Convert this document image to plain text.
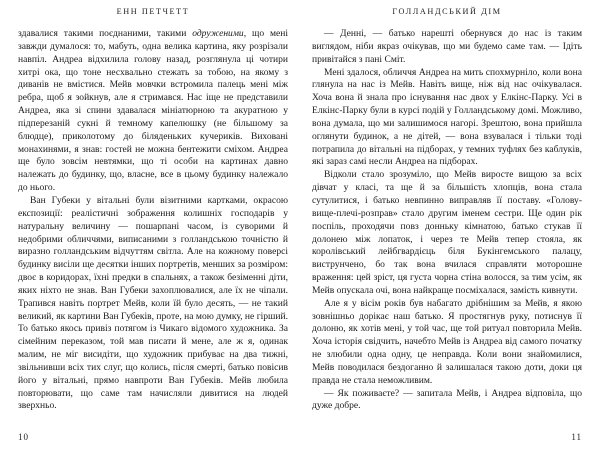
ЕНН ПЕТЧЕТТ

здавалися такими поєднаними, такими одруженими, що мені завжди думалося: то, мабуть, одна велика картина, яку розрізали навпіл. Андреа відхилила голову назад, розглянула ці чотири хитрі ока, що тоне несхвально стежать за тобою, на якому з диванів не вмістися. Мейв мовчки встромила палець мені між ребра, щоб я зойкнув, але я стримався. Нас іще не представили Андреа, яка зі спини здавалася мініатюрною та акуратною у підперезаній сукні й темному капелюшку (не більшому за блюдце), приколотому до біляденьких кучериків. Виховані монахинями, я знав: гостей не можна бентежити сміхом. Андреа ще було зовсім невтямки, що ті особи на картинах давно належать до будинку, що, власне, все в цьому будинку належало до нього.

Ван Губеки у вітальні були візитними картками, окрасою експозиції: реалістичні зображення колишніх господарів у натуральну величину — пошарпані часом, із суворими й недобрими обличчями, виписаними з голландською точністю й виразно голландським відчуттям світла. Але на кожному поверсі будинку висіли ще десятки інших портретів, менших за розміром: двоє в коридорах, їхні предки в спальнях, а також безіменні діти, яких ніхто не знав. Ван Губеки захоплювалися, але їх не чіпали. Трапився навіть портрет Мейв, коли їй було десять, — не такий великий, як картини Ван Губеків, проте, на мою думку, не гірший. То батько якось привіз потягом із Чикаго відомого художника. За сімейним переказом, той мав писати й мене, але ж я, одинак малим, не міг висидіти, що художник прибуває на два тижні, звільнивши всіх тих слуг, що колись, після смерті, батько повісив його у вітальні, прямо навпроти Ван Губеків. Мейв любила повторювати, що саме там начисляли дивитися на людей зверхньо.

10
ГОЛЛАНДСЬКИЙ ДІМ

— Денні, — батько нарешті обернувся до нас із таким виглядом, ніби якраз очікував, що ми будемо саме там. — Ідіть привітайся з пані Сміт.

Мені здалося, обличчя Андреа на мить спохмурніло, коли вона глянула на нас із Мейв. Навіть вище, ніж від нас очікувалася. Хоча вона й знала про існування нас двох у Елкінс-Парку. Усі в Елкінс-Парку були в курсі подій у Голландському домі. Можливо, вона думала, що ми залишимося нагорі. Зрештою, вона прийшла оглянути будинок, а не дітей, — вона взувалася і тільки тоді потрапила до вітальні на підборах, у темних туфлях без каблуків, які зараз самі несли Андреа на підборах.

Відколи стало зрозуміло, що Мейв виросте вищою за всіх дівчат у класі, та ще й за більшість хлопців, вона стала сутулитися, і батько невпинно виправляв її поставу. «Голову-вище-плечі-розправ» стало другим іменем сестри. Ще один рік поспіль, проходячи повз донньку кімнатою, батько стукав її долонею між лопаток, і через те Мейв тепер стояла, як королівський лейбгвардієць біля Букінгемського палацу, виструнчено, бо так вона вчилася справляти моторошне враження: цей зріст, ця густа чорна стіна волосся, за тим усім, як Мейв опускала очі, вона найкраще посміхалася, замість кивнути.

Але я у вісім років був набагато дрібнішим за Мейв, я якою зовнішньо дорікає наш батько. Я простягнув руку, потиснув її долоню, як хотів мені, у той час, ще той ритуал повторила Мейв. Хоча історія свідчить, начебто Мейв із Андреа від самого початку не злюбили одна одну, це неправда. Коли вони знайомилися, Мейв поводилася бездоганно й залишалася такою доти, доки ця правда не стала неможливим.

— Як поживаєте? — запитала Мейв, і Андреа відповіла, що дуже добре.

11
